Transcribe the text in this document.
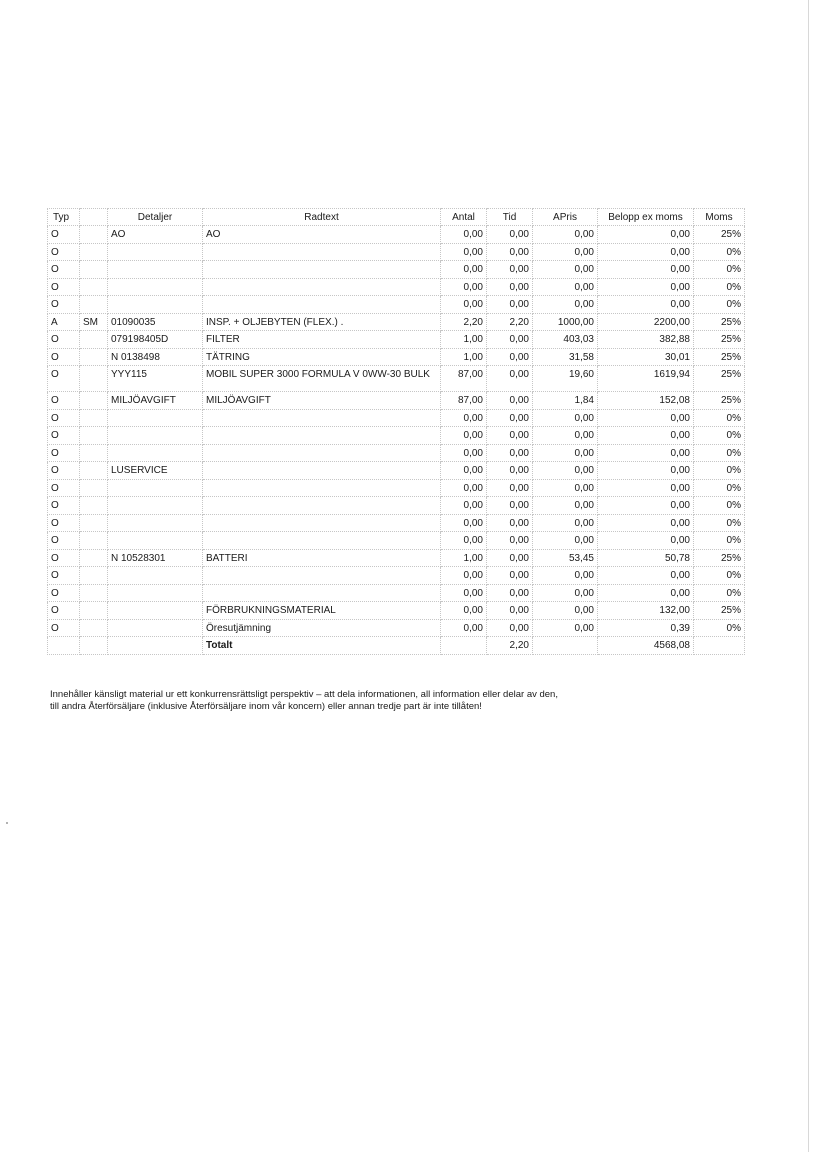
Typ		Detaljer	Radtext	Antal	Tid	APris	Belopp ex moms	Moms
O		AO	AO	0,00	0,00	0,00	0,00	25%
O				0,00	0,00	0,00	0,00	0%
O				0,00	0,00	0,00	0,00	0%
O				0,00	0,00	0,00	0,00	0%
O				0,00	0,00	0,00	0,00	0%
A	SM	01090035	INSP. + OLJEBYTEN (FLEX.) .	2,20	2,20	1000,00	2200,00	25%
O		079198405D	FILTER	1,00	0,00	403,03	382,88	25%
O		N 0138498	TÄTRING	1,00	0,00	31,58	30,01	25%
O		YYY115	MOBIL SUPER 3000 FORMULA V 0WW-30 BULK	87,00	0,00	19,60	1619,94	25%
O		MILJÖAVGIFT	MILJÖAVGIFT	87,00	0,00	1,84	152,08	25%
O				0,00	0,00	0,00	0,00	0%
O				0,00	0,00	0,00	0,00	0%
O				0,00	0,00	0,00	0,00	0%
O		LUSERVICE		0,00	0,00	0,00	0,00	0%
O				0,00	0,00	0,00	0,00	0%
O				0,00	0,00	0,00	0,00	0%
O				0,00	0,00	0,00	0,00	0%
O				0,00	0,00	0,00	0,00	0%
O		N 10528301	BATTERI	1,00	0,00	53,45	50,78	25%
O				0,00	0,00	0,00	0,00	0%
O				0,00	0,00	0,00	0,00	0%
O			FÖRBRUKNINGSMATERIAL	0,00	0,00	0,00	132,00	25%
O			Öresutjämning	0,00	0,00	0,00	0,39	0%
			Totalt		2,20		4568,08	
Innehåller känsligt material ur ett konkurrensrättsligt perspektiv – att dela informationen, all information eller delar av den,
till andra Återförsäljare (inklusive Återförsäljare inom vår koncern) eller annan tredje part är inte tillåten!
